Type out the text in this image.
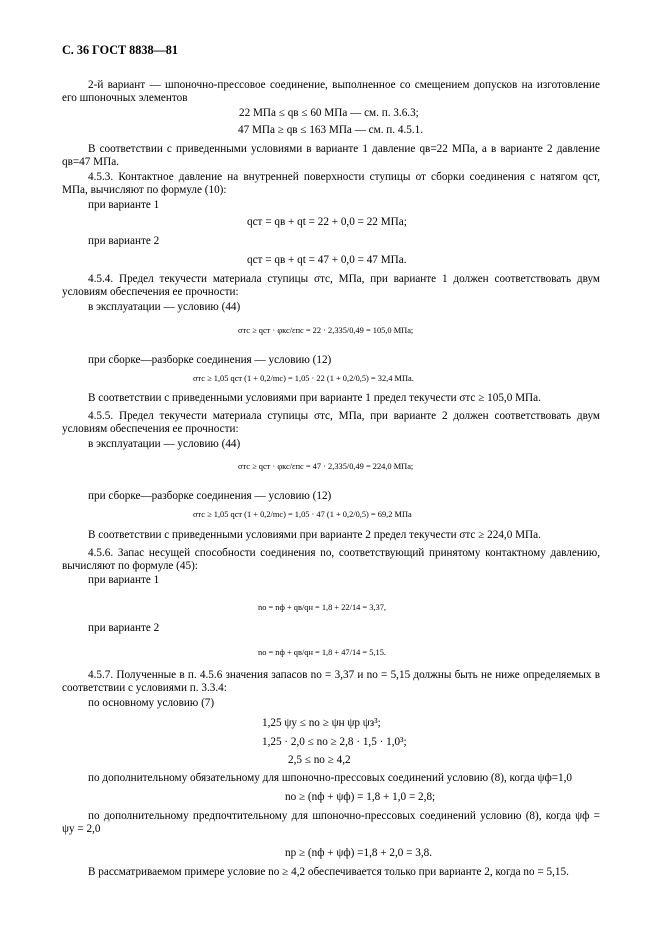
С. 36 ГОСТ 8838—81
2-й вариант — шпоночно-прессовое соединение, выполненное со смещением допусков на изготовление его шпоночных элементов
22 МПа ≤ qв ≤ 60 МПа — см. п. 3.6.3;
47 МПа ≥ qв ≤ 163 МПа — см. п. 4.5.1.
В соответствии с приведенными условиями в варианте 1 давление qв=22 МПа, а в варианте 2 давление qв=47 МПа.
4.5.3. Контактное давление на внутренней поверхности ступицы от сборки соединения с натягом qст, МПа, вычисляют по формуле (10):
при варианте 1
qст = qв + qt = 22 + 0,0 = 22 МПа;
при варианте 2
qст = qв + qt = 47 + 0,0 = 47 МПа.
4.5.4. Предел текучести материала ступицы σтс, МПа, при варианте 1 должен соответствовать двум условиям обеспечения ее прочности:
в эксплуатации — условию (44)
σтс ≥ qст · φкс/εпс = 22 · 2,335/0,49 = 105,0 МПа;
при сборке—разборке соединения — условию (12)
σтс ≥ 1,05 qст (1 + 0,2/mc) = 1,05 · 22 (1 + 0,2/0,5) = 32,4 МПа.
В соответствии с приведенными условиями при варианте 1 предел текучести σтс ≥ 105,0 МПа.
4.5.5. Предел текучести материала ступицы σтс, МПа, при варианте 2 должен соответствовать двум условиям обеспечения ее прочности:
в эксплуатации — условию (44)
σтс ≥ qст · φкс/εпс = 47 · 2,335/0,49 = 224,0 МПа;
при сборке—разборке соединения — условию (12)
σтс ≥ 1,05 qст (1 + 0,2/mc) = 1,05 · 47 (1 + 0,2/0,5) = 69,2 МПа
В соответствии с приведенными условиями при варианте 2 предел текучести σтс ≥ 224,0 МПа.
4.5.6. Запас несущей способности соединения nо, соответствующий принятому контактному давлению, вычисляют по формуле (45):
при варианте 1
nо = nф + qв/qн = 1,8 + 22/14 = 3,37,
при варианте 2
nо = nф + qв/qн = 1,8 + 47/14 = 5,15.
4.5.7. Полученные в п. 4.5.6 значения запасов nо = 3,37 и nо = 5,15 должны быть не ниже определяемых в соответствии с условиями п. 3.3.4:
по основному условию (7)
1,25 ψу ≤ nо ≥ ψн ψр ψз³;
1,25 · 2,0 ≤ nо ≥ 2,8 · 1,5 · 1,0³;
2,5 ≤ nо ≥ 4,2
по дополнительному обязательному для шпоночно-прессовых соединений условию (8), когда ψф=1,0
nо ≥ (nф + ψф) = 1,8 + 1,0 = 2,8;
по дополнительному предпочтительному для шпоночно-прессовых соединений условию (8), когда ψф = ψу = 2,0
nр ≥ (nф + ψф) =1,8 + 2,0 = 3,8.
В рассматриваемом примере условие nо ≥ 4,2 обеспечивается только при варианте 2, когда nо = 5,15.
